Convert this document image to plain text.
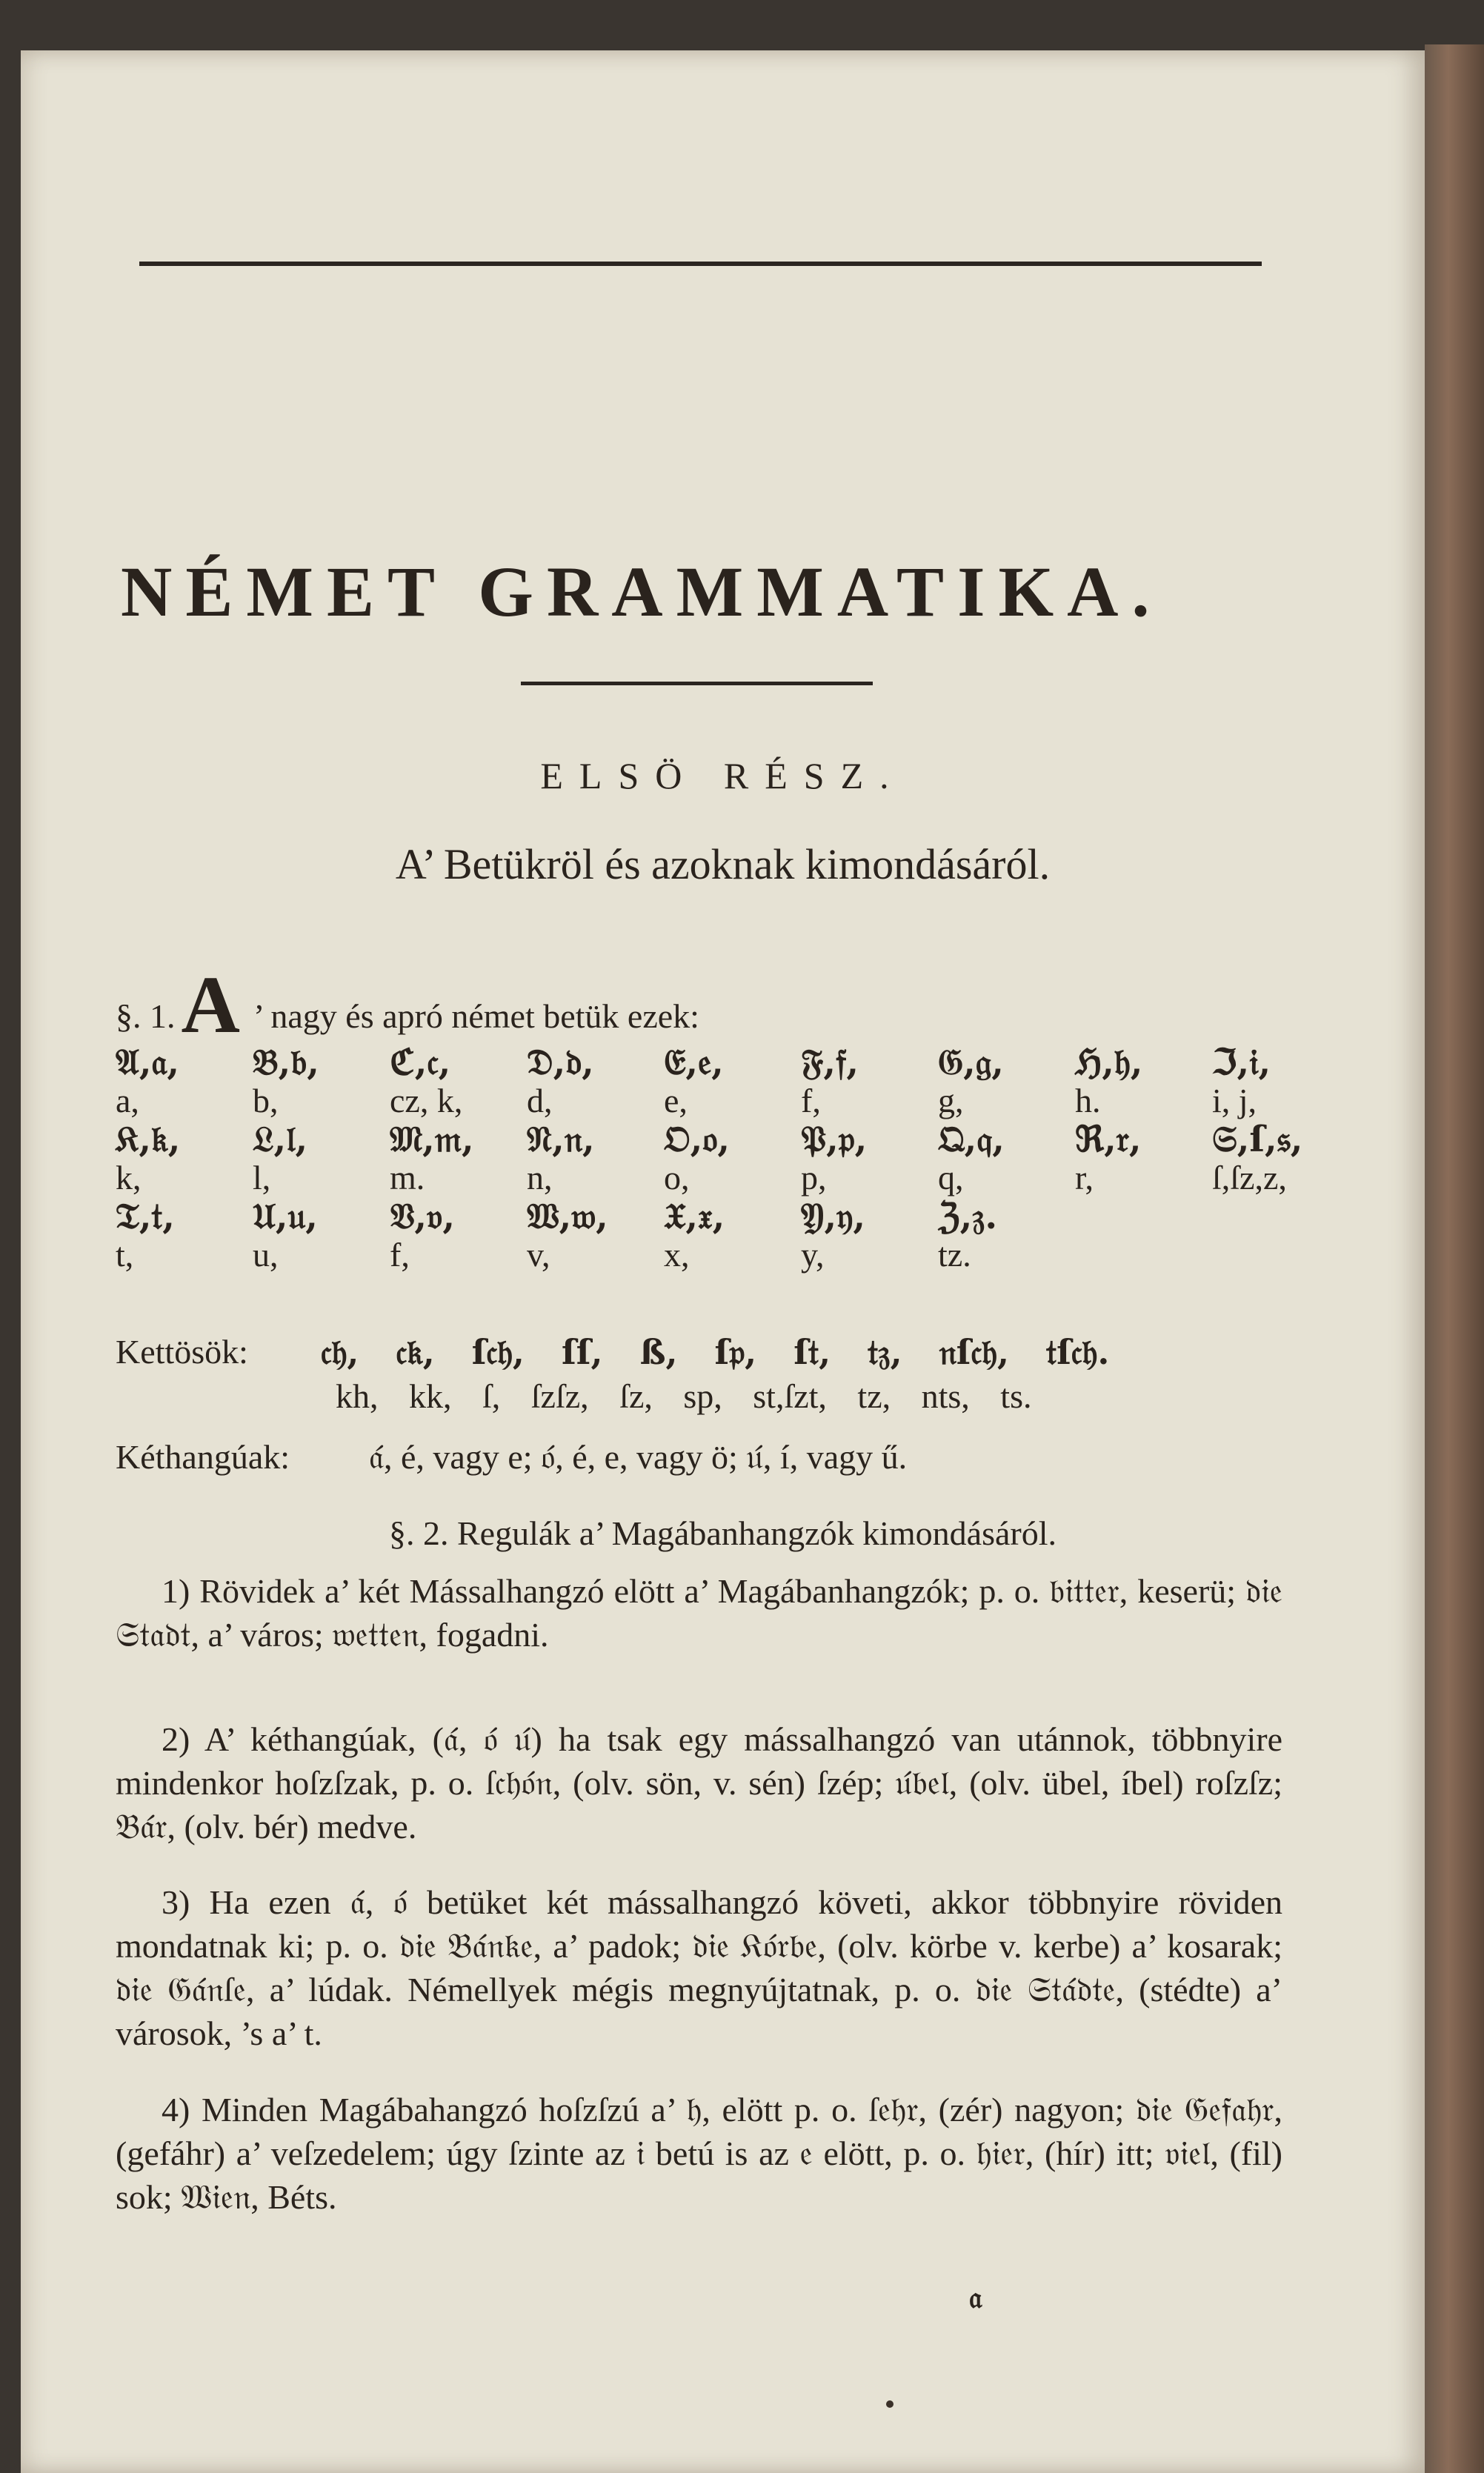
NÉMET GRAMMATIKA.
ELSÖ RÉSZ.
A’ Betükröl és azoknak kimondásáról.
§. 1.A ’ nagy és apró német betük ezek:
𝔄,𝔞,	𝔅,𝔟,	ℭ,𝔠,	𝔇,𝔡,	𝔈,𝔢,	𝔉,𝔣,	𝔊,𝔤,	ℌ,𝔥,	ℑ,𝔦,
a,	b,	cz, k,	d,	e,	f,	g,	h.	i, j,
𝔎,𝔨,	𝔏,𝔩,	𝔐,𝔪,	𝔑,𝔫,	𝔒,𝔬,	𝔓,𝔭,	𝔔,𝔮,	ℜ,𝔯,	𝔖,ſ,𝔰,
k,	l,	m.	n,	o,	p,	q,	r,	ſ,ſz,z,
𝔗,𝔱,	𝔘,𝔲,	𝔙,𝔳,	𝔚,𝔴,	𝔛,𝔵,	𝔜,𝔶,	ℨ,𝔷.		
t,	u,	f,	v,	x,	y,	tz.		
Kettösök: 𝔠𝔥, 𝔠𝔨, ſ𝔠𝔥, ſſ, ß, ſ𝔭, ſ𝔱, 𝔱𝔷, 𝔫ſ𝔠𝔥, 𝔱ſ𝔠𝔥.
kh, kk, ſ, ſzſz, ſz, sp, st,ſzt, tz, nts, ts.
Kéthangúak: 𝔞́, é, vagy e; 𝔬́, é, e, vagy ö; 𝔲́, í, vagy ű.
§. 2. Regulák a’ Magábanhangzók kimondásáról.
1) Rövidek a’ két Mássalhangzó elött a’ Magábanhangzók; p. o. 𝔟𝔦𝔱𝔱𝔢𝔯, keserü; 𝔡𝔦𝔢 𝔖𝔱𝔞𝔡𝔱, a’ város; 𝔴𝔢𝔱𝔱𝔢𝔫, fogadni.
2) A’ kéthangúak, (𝔞́, 𝔬́ 𝔲́) ha tsak egy mássalhangzó van utánnok, többnyire mindenkor hoſzſzak, p. o. ſ𝔠𝔥𝔬́𝔫, (olv. sön, v. sén) ſzép; 𝔲́𝔟𝔢𝔩, (olv. übel, íbel) roſzſz; 𝔅𝔞́𝔯, (olv. bér) medve.
3) Ha ezen 𝔞́, 𝔬́ betüket két mássalhangzó követi, akkor többnyire röviden mondatnak ki; p. o. 𝔡𝔦𝔢 𝔅𝔞́𝔫𝔨𝔢, a’ padok; 𝔡𝔦𝔢 𝔎𝔬́𝔯𝔟𝔢, (olv. körbe v. kerbe) a’ kosarak; 𝔡𝔦𝔢 𝔊𝔞́𝔫ſ𝔢, a’ lúdak. Némellyek mégis megnyújtatnak, p. o. 𝔡𝔦𝔢 𝔖𝔱𝔞́𝔡𝔱𝔢, (stédte) a’ városok, ’s a’ t.
4) Minden Magábahangzó hoſzſzú a’ 𝔥, elött p. o. ſ𝔢𝔥𝔯, (zér) nagyon; 𝔡𝔦𝔢 𝔊𝔢𝔣𝔞𝔥𝔯, (gefáhr) a’ veſzedelem; úgy ſzinte az 𝔦 betú is az 𝔢 elött, p. o. 𝔥𝔦𝔢𝔯, (hír) itt; 𝔳𝔦𝔢𝔩, (fil) sok; 𝔚𝔦𝔢𝔫, Béts.
𝔞
